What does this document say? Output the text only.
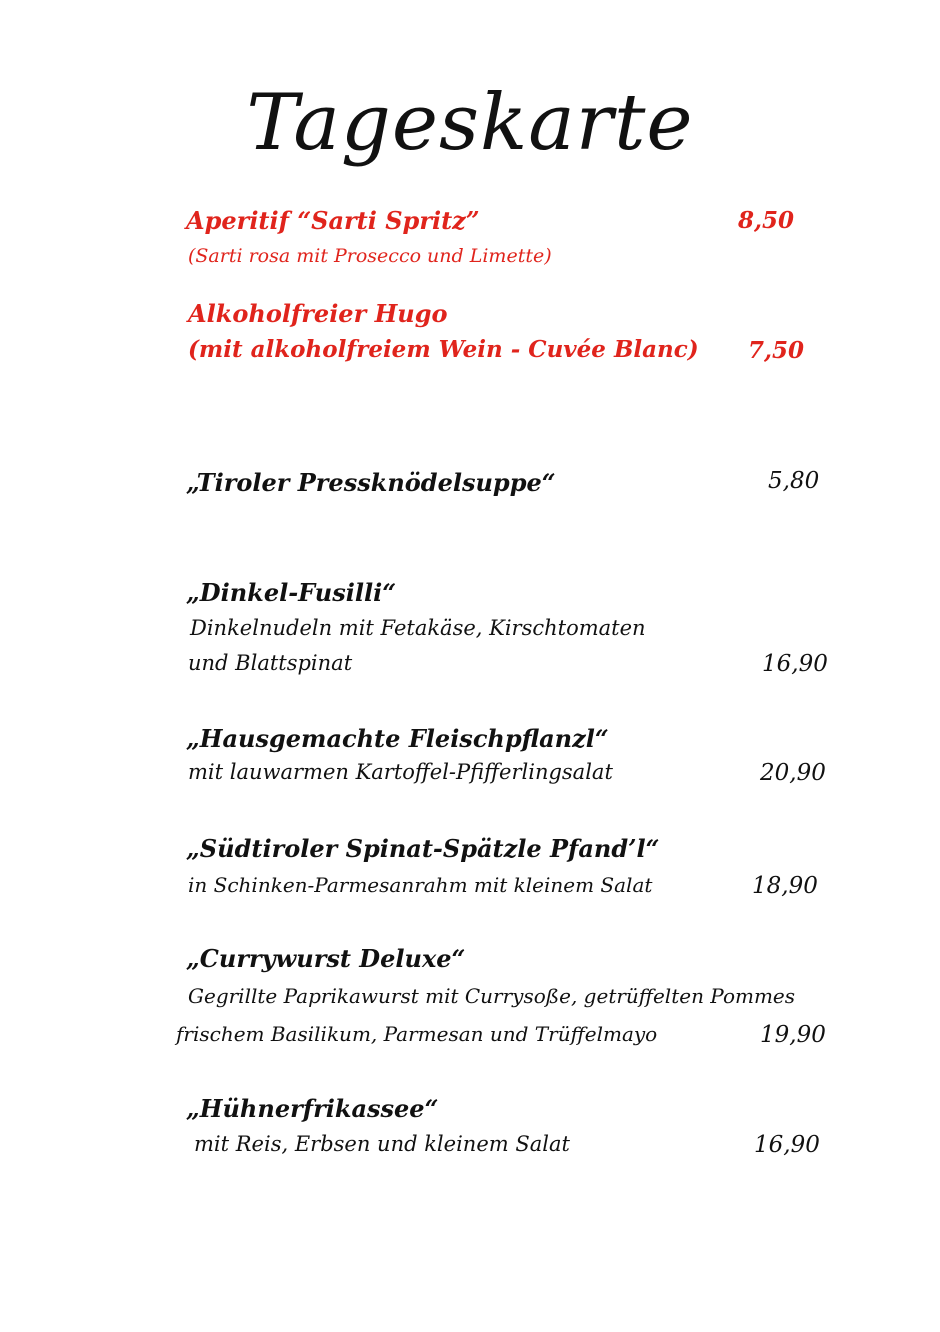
Tageskarte
Aperitif “Sarti Spritz”	8,50
(Sarti rosa mit Prosecco und Limette)
Alkoholfreier Hugo
(mit alkoholfreiem Wein - Cuvée Blanc) 7,50
„Tiroler Pressknödelsuppe“	5,80
„Dinkel-Fusilli“
Dinkelnudeln mit Fetakäse, Kirschtomaten
und Blattspinat	16,90
„Hausgemachte Fleischpflanzl“
mit lauwarmen Kartoffel-Pfifferlingsalat	20,90
„Südtiroler Spinat-Spätzle Pfand’l“
in Schinken-Parmesanrahm mit kleinem Salat	18,90
„Currywurst Deluxe“
Gegrillte Paprikawurst mit Currysoße, getrüffelten Pommes
frischem Basilikum, Parmesan und Trüffelmayo	19,90
„Hühnerfrikassee“
mit Reis, Erbsen und kleinem Salat	16,90
